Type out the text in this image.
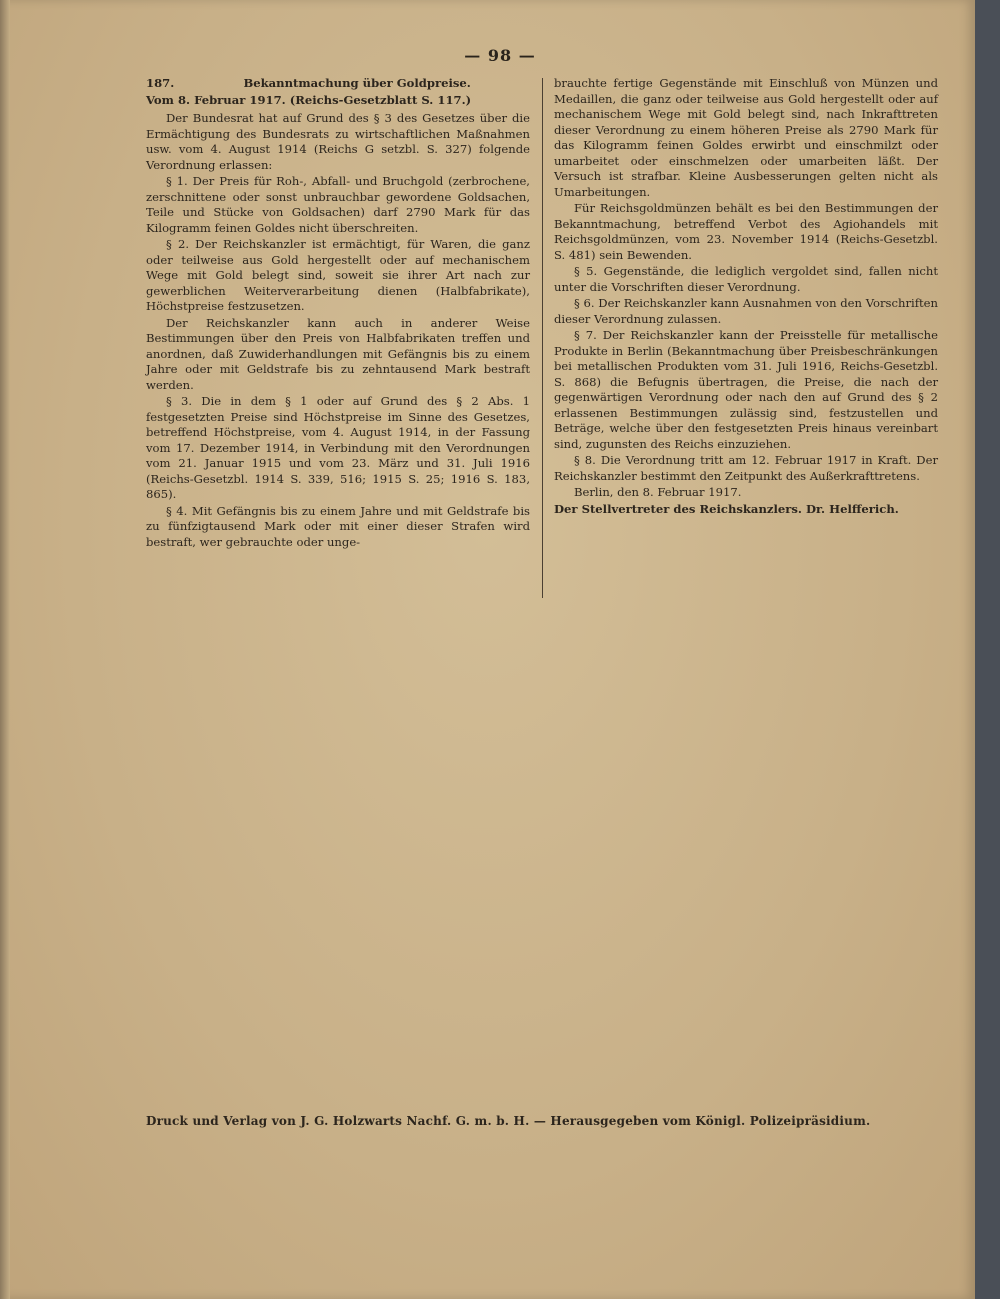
— 98 —
187.	Bekanntmachung über Goldpreise.
Vom 8. Februar 1917. (Reichs-Gesetzblatt S. 117.)

Der Bundesrat hat auf Grund des § 3 des Gesetzes über die Ermächtigung des Bundesrats zu wirtschaftlichen Maßnahmen usw. vom 4. August 1914 (Reichs G setzbl. S. 327) folgende Verordnung erlassen:

§ 1. Der Preis für Roh-, Abfall- und Bruchgold (zerbrochene, zerschnittene oder sonst unbrauchbar gewordene Goldsachen, Teile und Stücke von Goldsachen) darf 2790 Mark für das Kilogramm feinen Goldes nicht überschreiten.

§ 2. Der Reichskanzler ist ermächtigt, für Waren, die ganz oder teilweise aus Gold hergestellt oder auf mechanischem Wege mit Gold belegt sind, soweit sie ihrer Art nach zur gewerblichen Weiterverarbeitung dienen (Halbfabrikate), Höchstpreise festzusetzen.

Der Reichskanzler kann auch in anderer Weise Bestimmungen über den Preis von Halbfabrikaten treffen und anordnen, daß Zuwiderhandlungen mit Gefängnis bis zu einem Jahre oder mit Geldstrafe bis zu zehntausend Mark bestraft werden.

§ 3. Die in dem § 1 oder auf Grund des § 2 Abs. 1 festgesetzten Preise sind Höchstpreise im Sinne des Gesetzes, betreffend Höchstpreise, vom 4. August 1914, in der Fassung vom 17. Dezember 1914, in Verbindung mit den Verordnungen vom 21. Januar 1915 und vom 23. März und 31. Juli 1916 (Reichs-Gesetzbl. 1914 S. 339, 516; 1915 S. 25; 1916 S. 183, 865).

§ 4. Mit Gefängnis bis zu einem Jahre und mit Geldstrafe bis zu fünfzigtausend Mark oder mit einer dieser Strafen wird bestraft, wer gebrauchte oder unge-

brauchte fertige Gegenstände mit Einschluß von Münzen und Medaillen, die ganz oder teilweise aus Gold hergestellt oder auf mechanischem Wege mit Gold belegt sind, nach Inkrafttreten dieser Verordnung zu einem höheren Preise als 2790 Mark für das Kilogramm feinen Goldes erwirbt und einschmilzt oder umarbeitet oder einschmelzen oder umarbeiten läßt. Der Versuch ist strafbar. Kleine Ausbesserungen gelten nicht als Umarbeitungen.

Für Reichsgoldmünzen behält es bei den Bestimmungen der Bekanntmachung, betreffend Verbot des Agiohandels mit Reichsgoldmünzen, vom 23. November 1914 (Reichs-Gesetzbl. S. 481) sein Bewenden.

§ 5. Gegenstände, die lediglich vergoldet sind, fallen nicht unter die Vorschriften dieser Verordnung.

§ 6. Der Reichskanzler kann Ausnahmen von den Vorschriften dieser Verordnung zulassen.

§ 7. Der Reichskanzler kann der Preisstelle für metallische Produkte in Berlin (Bekanntmachung über Preisbeschränkungen bei metallischen Produkten vom 31. Juli 1916, Reichs-Gesetzbl. S. 868) die Befugnis übertragen, die Preise, die nach der gegenwärtigen Verordnung oder nach den auf Grund des § 2 erlassenen Bestimmungen zulässig sind, festzustellen und Beträge, welche über den festgesetzten Preis hinaus vereinbart sind, zugunsten des Reichs einzuziehen.

§ 8. Die Verordnung tritt am 12. Februar 1917 in Kraft. Der Reichskanzler bestimmt den Zeitpunkt des Außerkrafttretens.

Berlin, den 8. Februar 1917.

Der Stellvertreter des Reichskanzlers. Dr. Helfferich.

Druck und Verlag von J. G. Holzwarts Nachf. G. m. b. H. — Herausgegeben vom Königl. Polizeipräsidium.
